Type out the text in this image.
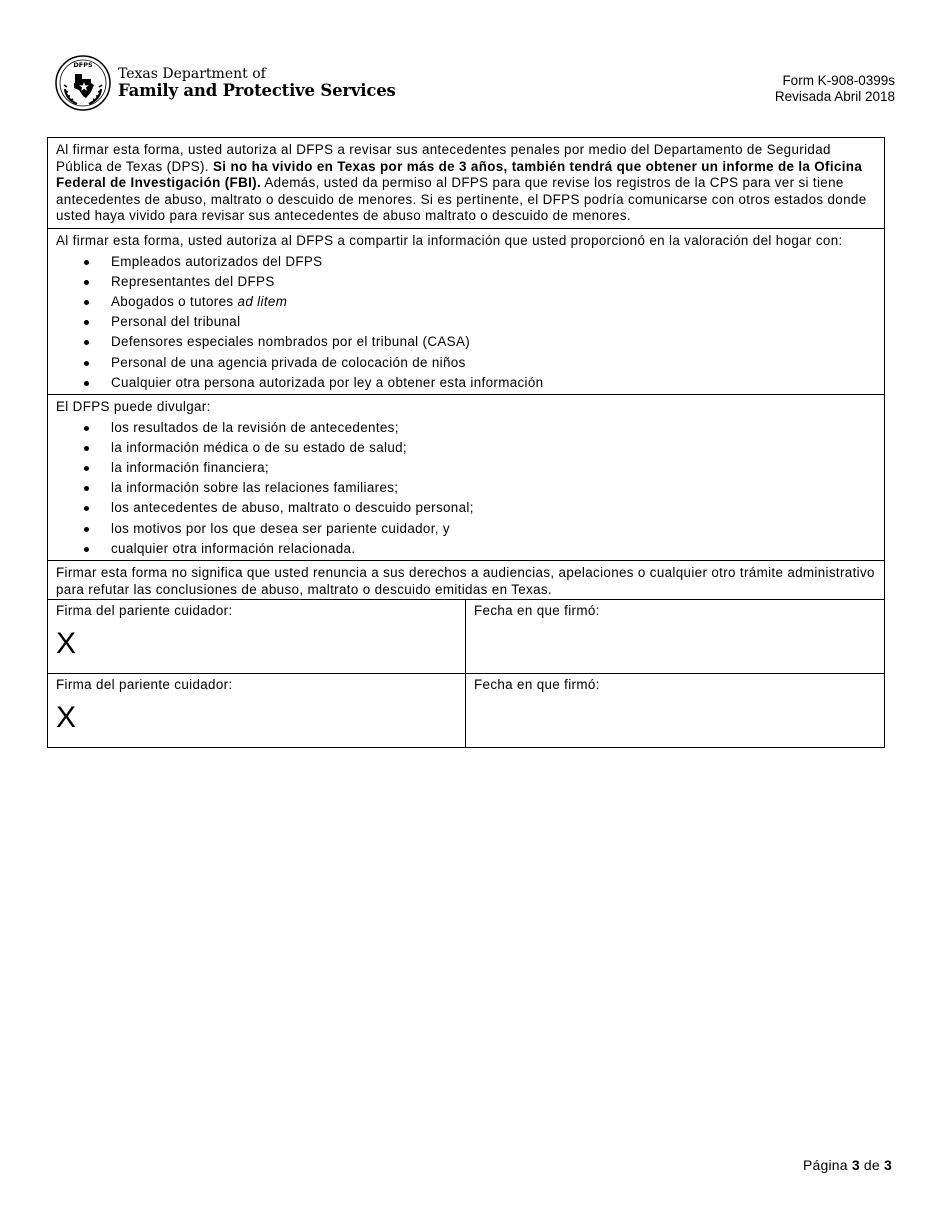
DFPS
Texas Department of
Family and Protective Services
Form K-908-0399s
Revisada Abril 2018

Al firmar esta forma, usted autoriza al DFPS a revisar sus antecedentes penales por medio del Departamento de Seguridad Pública de Texas (DPS). Si no ha vivido en Texas por más de 3 años, también tendrá que obtener un informe de la Oficina Federal de Investigación (FBI). Además, usted da permiso al DFPS para que revise los registros de la CPS para ver si tiene antecedentes de abuso, maltrato o descuido de menores. Si es pertinente, el DFPS podría comunicarse con otros estados donde usted haya vivido para revisar sus antecedentes de abuso maltrato o descuido de menores.

Al firmar esta forma, usted autoriza al DFPS a compartir la información que usted proporcionó en la valoración del hogar con:

Empleados autorizados del DFPS
Representantes del DFPS
Abogados o tutores ad litem
Personal del tribunal
Defensores especiales nombrados por el tribunal (CASA)
Personal de una agencia privada de colocación de niños
Cualquier otra persona autorizada por ley a obtener esta información

El DFPS puede divulgar:

los resultados de la revisión de antecedentes;
la información médica o de su estado de salud;
la información financiera;
la información sobre las relaciones familiares;
los antecedentes de abuso, maltrato o descuido personal;
los motivos por los que desea ser pariente cuidador, y
cualquier otra información relacionada.

Firmar esta forma no significa que usted renuncia a sus derechos a audiencias, apelaciones o cualquier otro trámite administrativo para refutar las conclusiones de abuso, maltrato o descuido emitidas en Texas.

Firma del pariente cuidador:
X
Fecha en que firmó:
Firma del pariente cuidador:
X
Fecha en que firmó:
Página 3 de 3
